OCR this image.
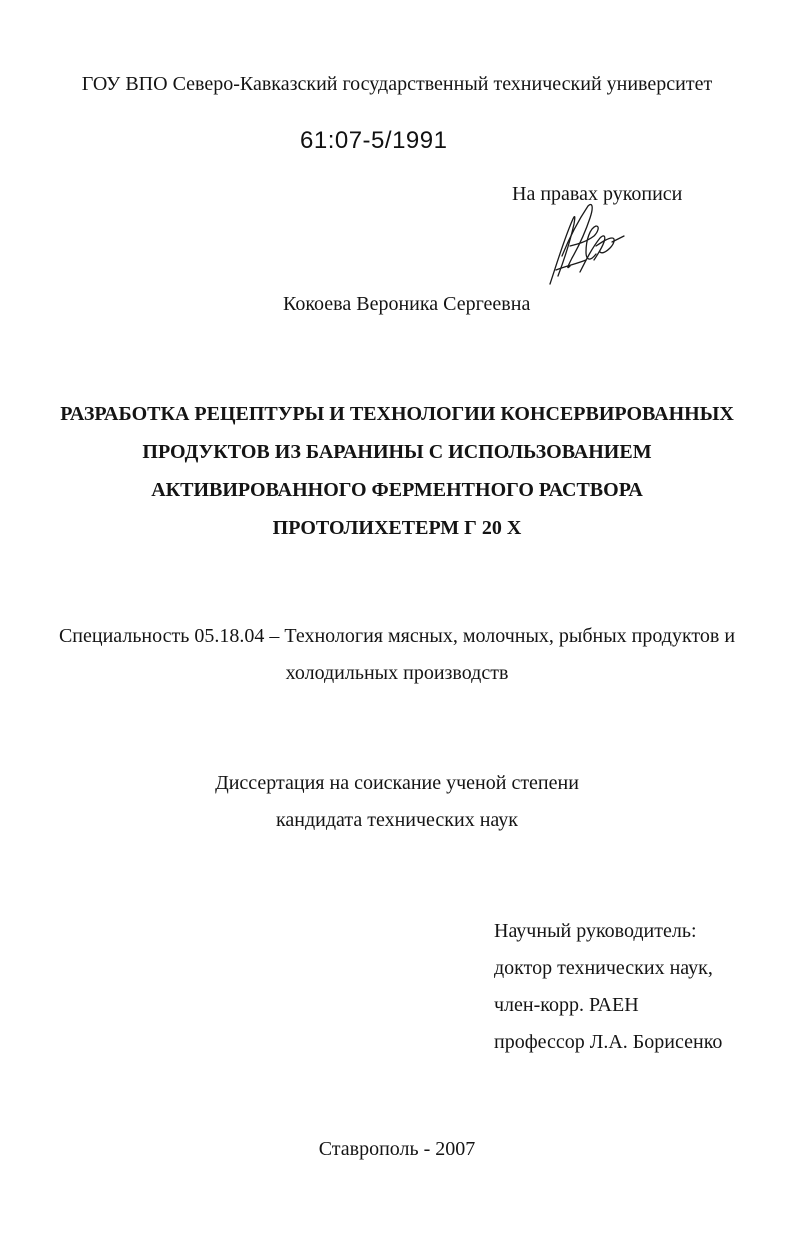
ГОУ ВПО Северо-Кавказский государственный технический университет
61:07-5/1991
На правах рукописи
Кокоева Вероника Сергеевна
РАЗРАБОТКА РЕЦЕПТУРЫ И ТЕХНОЛОГИИ КОНСЕРВИРОВАННЫХ
ПРОДУКТОВ ИЗ БАРАНИНЫ С ИСПОЛЬЗОВАНИЕМ
АКТИВИРОВАННОГО ФЕРМЕНТНОГО РАСТВОРА
ПРОТОЛИХЕТЕРМ Г 20 Х
Специальность 05.18.04 – Технология мясных, молочных, рыбных продуктов и
холодильных производств
Диссертация на соискание ученой степени
кандидата технических наук
Научный руководитель:
доктор технических наук,
член-корр. РАЕН
профессор Л.А. Борисенко
Ставрополь - 2007
